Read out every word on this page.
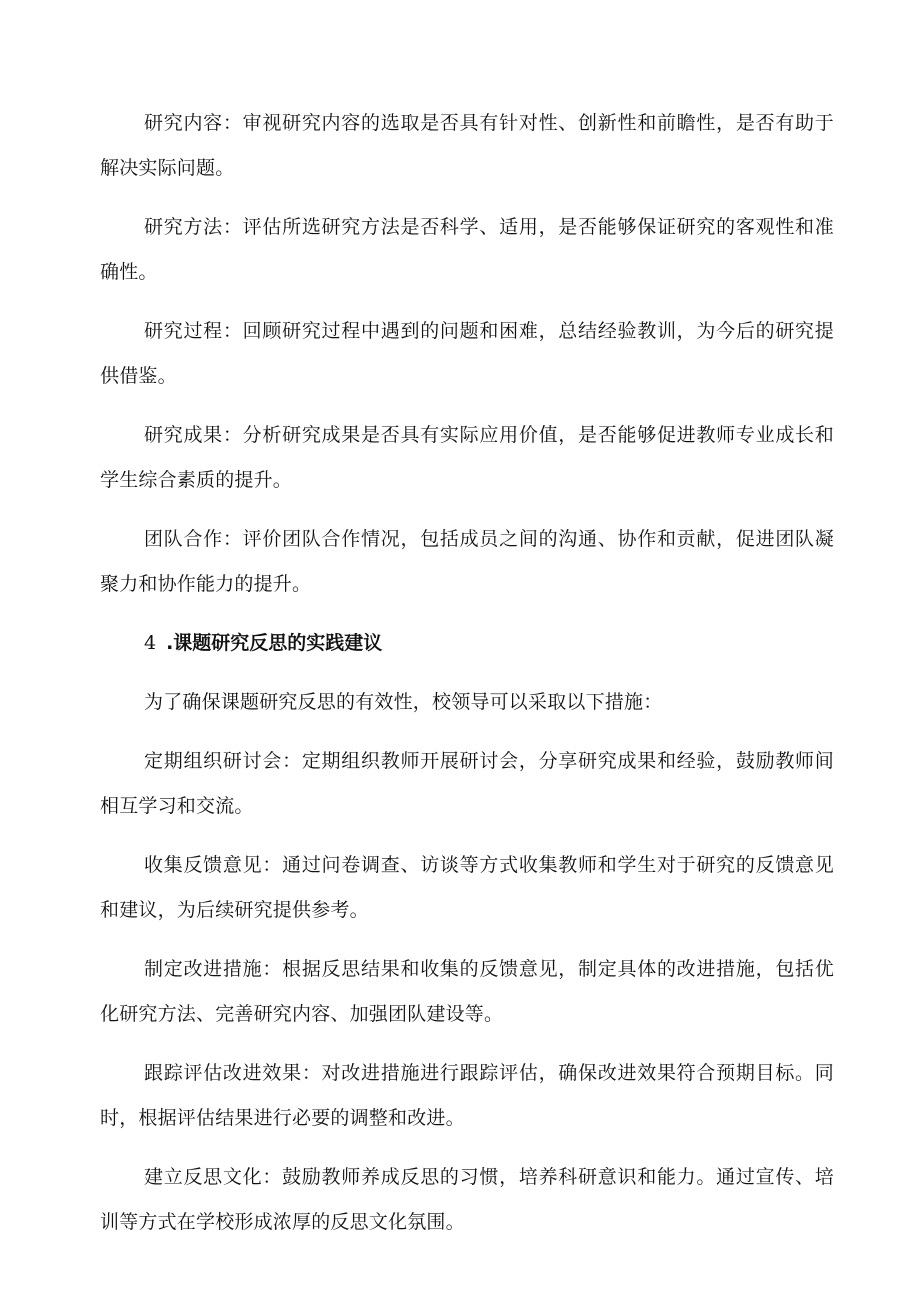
研究内容：审视研究内容的选取是否具有针对性、创新性和前瞻性，是否有助于解决实际问题。

研究方法：评估所选研究方法是否科学、适用，是否能够保证研究的客观性和准确性。

研究过程：回顾研究过程中遇到的问题和困难，总结经验教训，为今后的研究提供借鉴。

研究成果：分析研究成果是否具有实际应用价值，是否能够促进教师专业成长和学生综合素质的提升。

团队合作：评价团队合作情况，包括成员之间的沟通、协作和贡献，促进团队凝聚力和协作能力的提升。

4 .课题研究反思的实践建议

为了确保课题研究反思的有效性，校领导可以采取以下措施：

定期组织研讨会：定期组织教师开展研讨会，分享研究成果和经验，鼓励教师间相互学习和交流。

收集反馈意见：通过问卷调查、访谈等方式收集教师和学生对于研究的反馈意见和建议，为后续研究提供参考。

制定改进措施：根据反思结果和收集的反馈意见，制定具体的改进措施，包括优化研究方法、完善研究内容、加强团队建设等。

跟踪评估改进效果：对改进措施进行跟踪评估，确保改进效果符合预期目标。同时，根据评估结果进行必要的调整和改进。

建立反思文化：鼓励教师养成反思的习惯，培养科研意识和能力。通过宣传、培训等方式在学校形成浓厚的反思文化氛围。
